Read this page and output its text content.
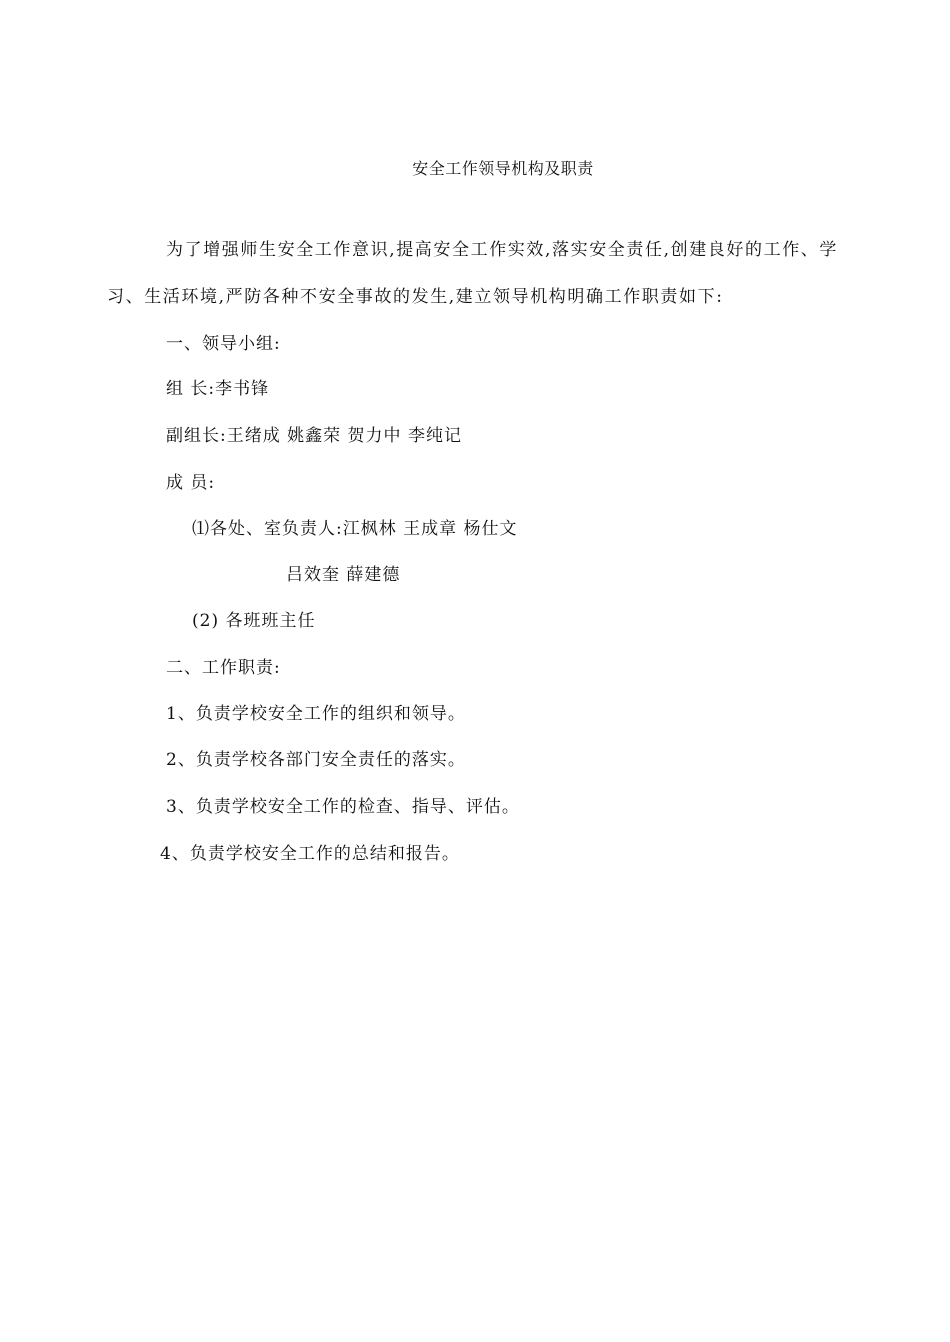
安全工作领导机构及职责
为了增强师生安全工作意识,提高安全工作实效,落实安全责任,创建良好的工作、学
习、生活环境,严防各种不安全事故的发生,建立领导机构明确工作职责如下:
一、领导小组:
组 长:李书锋
副组长:王绪成 姚鑫荣 贺力中 李纯记
成 员:
⑴各处、室负责人:江枫林 王成章 杨仕文
吕效奎 薛建德
(2) 各班班主任
二、工作职责:
1、负责学校安全工作的组织和领导。
2、负责学校各部门安全责任的落实。
3、负责学校安全工作的检查、指导、评估。
4、负责学校安全工作的总结和报告。
